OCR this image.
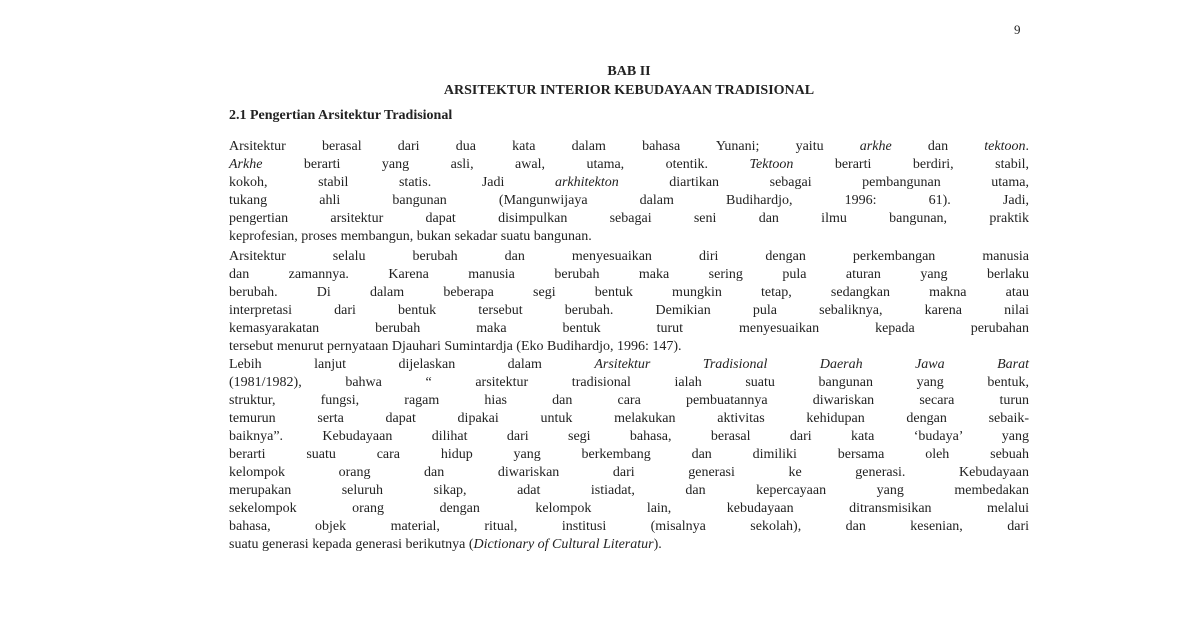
9
BAB II
ARSITEKTUR INTERIOR KEBUDAYAAN TRADISIONAL
2.1 Pengertian Arsitektur Tradisional
Arsitektur berasal dari dua kata dalam bahasa Yunani; yaitu arkhe dan tektoon.
Arkhe berarti yang asli, awal, utama, otentik. Tektoon berarti berdiri, stabil,
kokoh, stabil statis. Jadi arkhitekton diartikan sebagai pembangunan utama,
tukang ahli bangunan (Mangunwijaya dalam Budihardjo, 1996: 61). Jadi,
pengertian arsitektur dapat disimpulkan sebagai seni dan ilmu bangunan, praktik
keprofesian, proses membangun, bukan sekadar suatu bangunan.
Arsitektur selalu berubah dan menyesuaikan diri dengan perkembangan manusia
dan zamannya. Karena manusia berubah maka sering pula aturan yang berlaku
berubah. Di dalam beberapa segi bentuk mungkin tetap, sedangkan makna atau
interpretasi dari bentuk tersebut berubah. Demikian pula sebaliknya, karena nilai
kemasyarakatan berubah maka bentuk turut menyesuaikan kepada perubahan
tersebut menurut pernyataan Djauhari Sumintardja (Eko Budihardjo, 1996: 147).
Lebih lanjut dijelaskan dalam Arsitektur Tradisional Daerah Jawa Barat
(1981/1982), bahwa “ arsitektur tradisional ialah suatu bangunan yang bentuk,
struktur, fungsi, ragam hias dan cara pembuatannya diwariskan secara turun
temurun serta dapat dipakai untuk melakukan aktivitas kehidupan dengan sebaik-
baiknya”. Kebudayaan dilihat dari segi bahasa, berasal dari kata ‘budaya’ yang
berarti suatu cara hidup yang berkembang dan dimiliki bersama oleh sebuah
kelompok orang dan diwariskan dari generasi ke generasi. Kebudayaan
merupakan seluruh sikap, adat istiadat, dan kepercayaan yang membedakan
sekelompok orang dengan kelompok lain, kebudayaan ditransmisikan melalui
bahasa, objek material, ritual, institusi (misalnya sekolah), dan kesenian, dari
suatu generasi kepada generasi berikutnya (Dictionary of Cultural Literatur).
